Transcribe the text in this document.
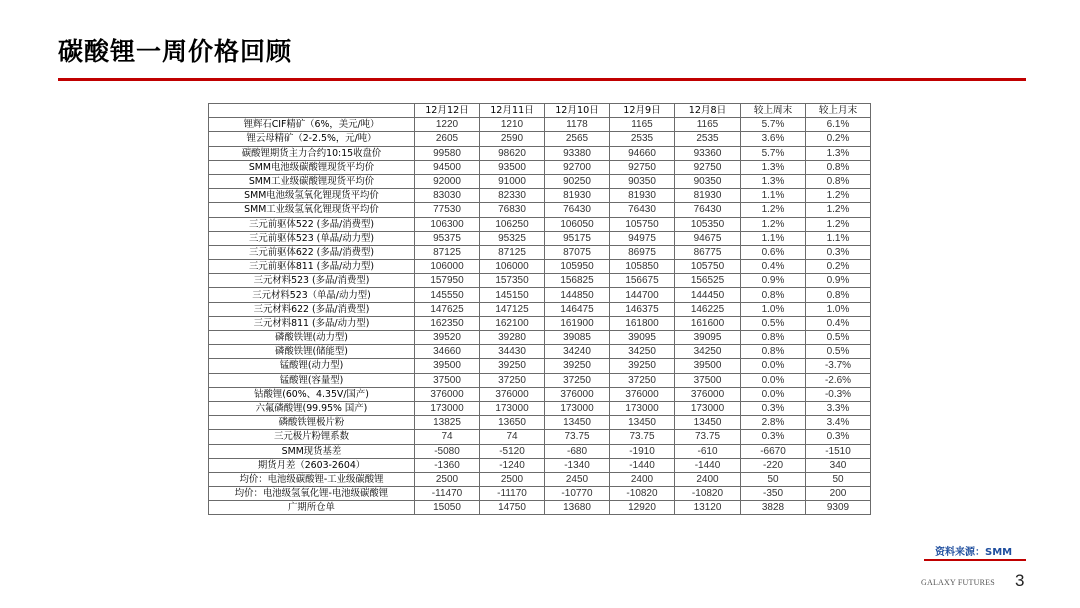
碳酸锂一周价格回顾
	12月12日	12月11日	12月10日	12月9日	12月8日	较上周末	较上月末
锂辉石CIF精矿（6%，美元/吨）	1220	1210	1178	1165	1165	5.7%	6.1%
锂云母精矿（2-2.5%，元/吨）	2605	2590	2565	2535	2535	3.6%	0.2%
碳酸锂期货主力合约10:15收盘价	99580	98620	93380	94660	93360	5.7%	1.3%
SMM电池级碳酸锂现货平均价	94500	93500	92700	92750	92750	1.3%	0.8%
SMM工业级碳酸锂现货平均价	92000	91000	90250	90350	90350	1.3%	0.8%
SMM电池级氢氧化锂现货平均价	83030	82330	81930	81930	81930	1.1%	1.2%
SMM工业级氢氧化锂现货平均价	77530	76830	76430	76430	76430	1.2%	1.2%
三元前驱体522 (多晶/消费型)	106300	106250	106050	105750	105350	1.2%	1.2%
三元前驱体523 (单晶/动力型)	95375	95325	95175	94975	94675	1.1%	1.1%
三元前驱体622 (多晶/消费型)	87125	87125	87075	86975	86775	0.6%	0.3%
三元前驱体811 (多晶/动力型)	106000	106000	105950	105850	105750	0.4%	0.2%
三元材料523 (多晶/消费型)	157950	157350	156825	156675	156525	0.9%	0.9%
三元材料523（单晶/动力型)	145550	145150	144850	144700	144450	0.8%	0.8%
三元材料622 (多晶/消费型)	147625	147125	146475	146375	146225	1.0%	1.0%
三元材料811 (多晶/动力型)	162350	162100	161900	161800	161600	0.5%	0.4%
磷酸铁锂(动力型)	39520	39280	39085	39095	39095	0.8%	0.5%
磷酸铁锂(储能型)	34660	34430	34240	34250	34250	0.8%	0.5%
锰酸锂(动力型)	39500	39250	39250	39250	39500	0.0%	-3.7%
锰酸锂(容量型)	37500	37250	37250	37250	37500	0.0%	-2.6%
钴酸锂(60%、4.35V/国产)	376000	376000	376000	376000	376000	0.0%	-0.3%
六氟磷酸锂(99.95% 国产)	173000	173000	173000	173000	173000	0.3%	3.3%
磷酸铁锂极片粉	13825	13650	13450	13450	13450	2.8%	3.4%
三元极片粉锂系数	74	74	73.75	73.75	73.75	0.3%	0.3%
SMM现货基差	-5080	-5120	-680	-1910	-610	-6670	-1510
期货月差（2603-2604）	-1360	-1240	-1340	-1440	-1440	-220	340
均价：电池级碳酸锂-工业级碳酸锂	2500	2500	2450	2400	2400	50	50
均价：电池级氢氧化锂-电池级碳酸锂	-11470	-11170	-10770	-10820	-10820	-350	200
广期所仓单	15050	14750	13680	12920	13120	3828	9309
资料来源：SMM
GALAXY FUTURES 3
